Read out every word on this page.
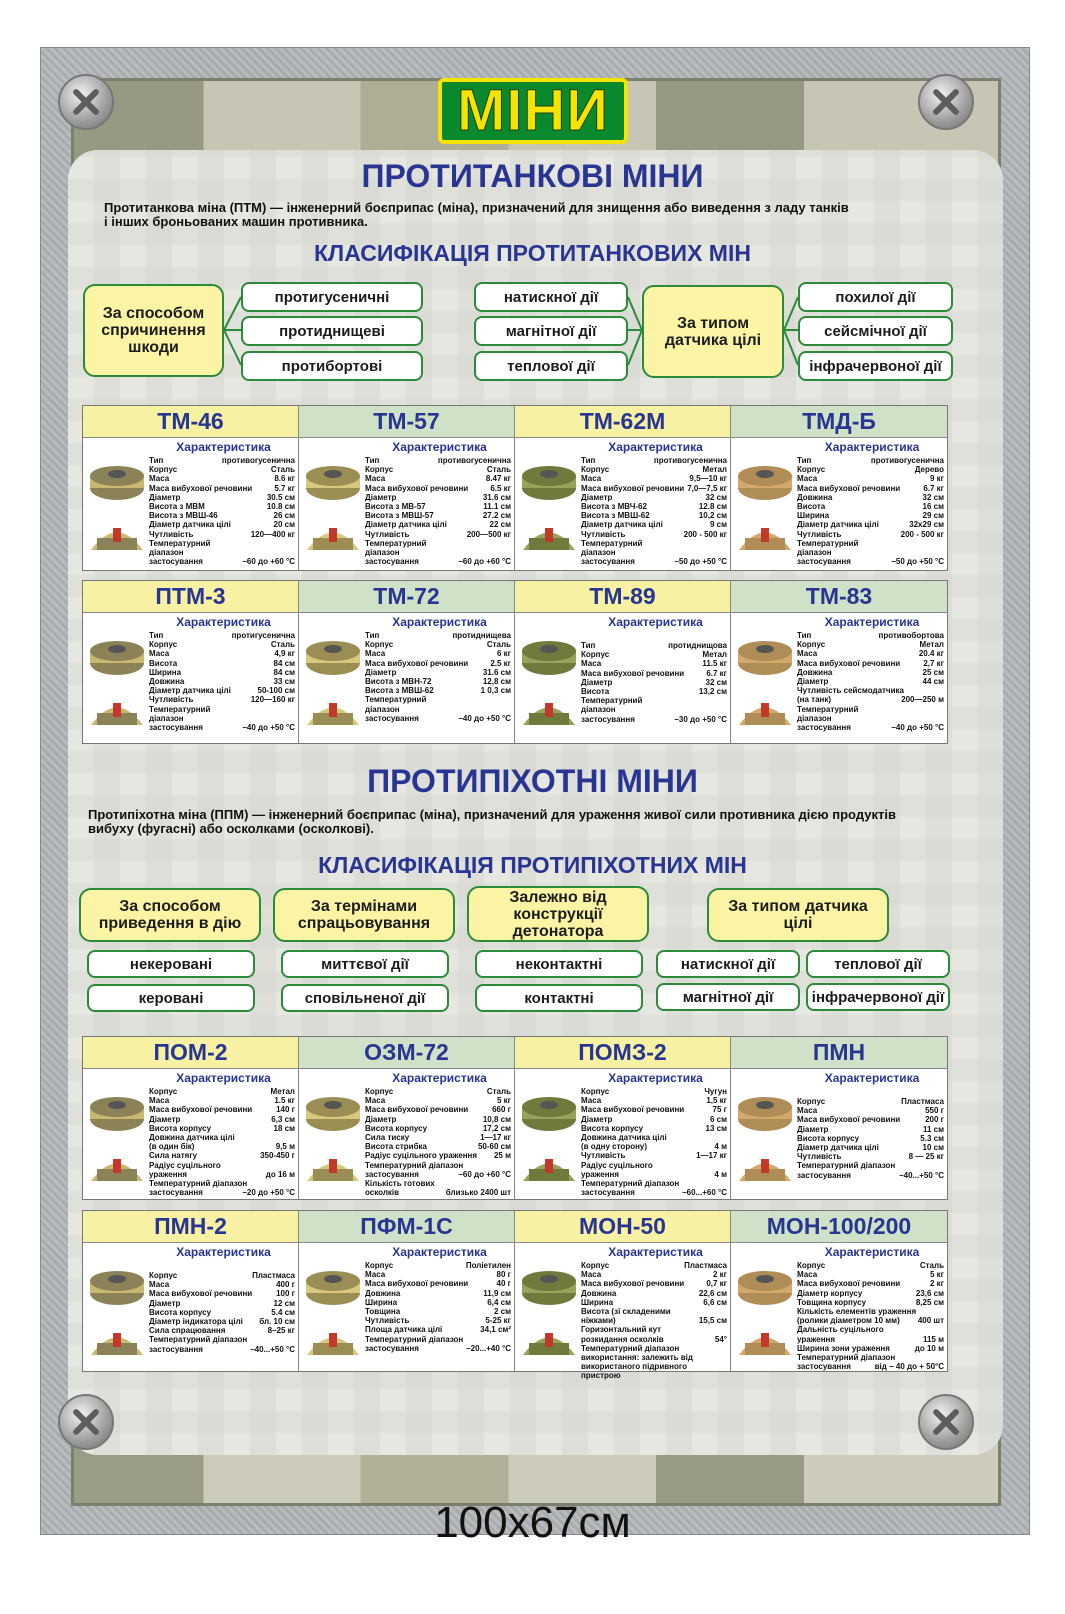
МІНИ
ПРОТИТАНКОВІ МІНИ
Протитанкова міна (ПТМ) — інженерний боєприпас (міна), призначений для знищення або виведення з ладу танків
і інших броньованих машин противника.
КЛАСИФІКАЦІЯ ПРОТИТАНКОВИХ МІН
За способом спричинення шкоди
протигусеничні
протиднищеві
протибортові
натискної дії
магнітної дії
теплової дії
За типом датчика цілі
похилої дії
сейсмічної дії
інфрачервоної дії
ТМ-46
Характеристика
Тип	противогусенична
Корпус	Сталь
Маса	8.6 кг
Маса вибухової речовини	5.7 кг
Діаметр	30.5 см
Висота з МВМ	10.8 см
Висота з МВШ-46	26 см
Діаметр датчика цілі	20 см
Чутливість	120—400 кг
Температурний
діапазон
застосування	−60 до +60 °C
ТМ-57
Характеристика
Тип	противогусенична
Корпус	Сталь
Маса	8.47 кг
Маса вибухової речовини	6.5 кг
Діаметр	31.6 см
Висота з МВ-57	11.1 см
Висота з МВШ-57	27.2 см
Діаметр датчика цілі	22 см
Чутливість	200—500 кг
Температурний
діапазон
застосування	−60 до +60 °C
ТМ-62М
Характеристика
Тип	противогусенична
Корпус	Метал
Маса	9,5—10 кг
Маса вибухової речовини 7,0—7,5 кг
Діаметр	32 см
Висота з МВЧ-62	12.8 см
Висота з МВШ-62	10,2 см
Діаметр датчика цілі	9 см
Чутливість	200 - 500 кг
Температурний
діапазон
застосування	−50 до +50 °C
ТМД-Б
Характеристика
Тип	противогусенична
Корпус	Дерево
Маса	9 кг
Маса вибухової речовини	6.7 кг
Довжина	32 см
Висота	16 см
Ширина	29 см
Діаметр датчика цілі	32х29 см
Чутливість	200 - 500 кг
Температурний
діапазон
застосування	−50 до +50 °C
ПТМ-3
Характеристика
Тип	протигусенична
Корпус	Сталь
Маса	4,9 кг
Висота	84 см
Ширина	84 см
Довжина	33 см
Діаметр датчика цілі	50-100 см
Чутливість	120—160 кг
Температурний
діапазон
застосування	−40 до +50 °C
ТМ-72
Характеристика
Тип	протиднищева
Корпус	Сталь
Маса	6 кг
Маса вибухової речовини	2.5 кг
Діаметр	31.6 см
Висота з МВН-72	12,8 см
Висота з МВШ-62	1 0,3 см
Температурний
діапазон
застосування	−40 до +50 °C
ТМ-89
Характеристика
Тип	протиднищова
Корпус	Метал
Маса	11.5 кг
Маса вибухової речовини	6.7 кг
Діаметр	32 см
Висота	13,2 см
Температурний
діапазон
застосування	−30 до +50 °C
ТМ-83
Характеристика
Тип	противобортова
Корпус	Метал
Маса	20.4 кг
Маса вибухової речовини	2,7 кг
Довжина	25 см
Діаметр	44 см
Чутливість сейсмодатчика
(на танк)	200—250 м
Температурний
діапазон
застосування	−40 до +50 °C
ПРОТИПІХОТНІ МІНИ
Протипіхотна міна (ППМ) — інженерний боєприпас (міна), призначений для ураження живої сили противника дією продуктів
вибуху (фугасні) або осколками (осколкові).
КЛАСИФІКАЦІЯ ПРОТИПІХОТНИХ МІН
За способом приведення в дію
За термінами спрацьовування
Залежно від конструкції детонатора
За типом датчика цілі
некеровані
керовані
миттєвої дії
сповільненої дії
неконтактні
контактні
натискної дії
магнітної дії
теплової дії
інфрачервоної дії
ПОМ-2
Характеристика
Корпус	Метал
Маса	1.5 кг
Маса вибухової речовини	140 г
Діаметр	6,3 см
Висота корпусу	18 см
Довжина датчика цілі
(в один бік)	9,5 м
Сила натягу	350-450 г
Радіус суцільного
ураження	до 16 м
Температурний діапазон
застосування	−20 до +50 °C
ОЗМ-72
Характеристика
Корпус	Сталь
Маса	5 кг
Маса вибухової речовини	660 г
Діаметр	10,8 см
Висота корпусу	17,2 см
Сила тиску	1—17 кг
Висота стрибка	50-60 см
Радіус суцільного ураження 25 м
Температурний діапазон
застосування	−60 до +60 °C
Кількість готових
осколків	близько 2400 шт
ПОМЗ-2
Характеристика
Корпус	Чугун
Маса	1,5 кг
Маса вибухової речовини	75 г
Діаметр	6 см
Висота корпусу	13 см
Довжина датчика цілі
(в одну сторону)	4 м
Чутливість	1—17 кг
Радіус суцільного
ураження	4 м
Температурний діапазон
застосування	−60...+60 °C
ПМН
Характеристика
Корпус	Пластмаса
Маса	550 г
Маса вибухової речовини	200 г
Діаметр	11 см
Висота корпусу	5.3 см
Діаметр датчика цілі	10 см
Чутливість	8 — 25 кг
Температурний діапазон
застосування	−40...+50 °C
ПМН-2
Характеристика
Корпус	Пластмаса
Маса	400 г
Маса вибухової речовини	100 г
Діаметр	12 см
Висота корпусу	5.4 см
Діаметр індикатора цілі бл. 10 см
Сила спрацювання	8–25 кг
Температурний діапазон
застосування	−40...+50 °C
ПФМ-1С
Характеристика
Корпус	Поліетилен
Маса	80 г
Маса вибухової речовини	40 г
Довжина	11,9 см
Ширина	6,4 см
Товщина	2 см
Чутливість	5-25 кг
Площа датчика цілі	34,1 см²
Температурний діапазон
застосування	−20...+40 °C
МОН-50
Характеристика
Корпус	Пластмаса
Маса	2 кг
Маса вибухової речовини	0,7 кг
Довжина	22,6 см
Ширина	6,6 см
Висота (зі складеними
ніжками)	15,5 см
Горизонтальний кут
розкидання осколків	54°
Температурний діапазон
використання: залежить від
використаного підривного пристрою
МОН-100/200
Характеристика
Корпус	Сталь
Маса	5 кг
Маса вибухової речовини	2 кг
Діаметр корпусу	23,6 см
Товщина корпусу	8,25 см
Кількість елементів ураження
(ролики діаметром 10 мм) 400 шт
Дальність суцільного
ураження	115 м
Ширина зони ураження	до 10 м
Температурний діапазон
застосування	від − 40 до + 50°C
100х67см
